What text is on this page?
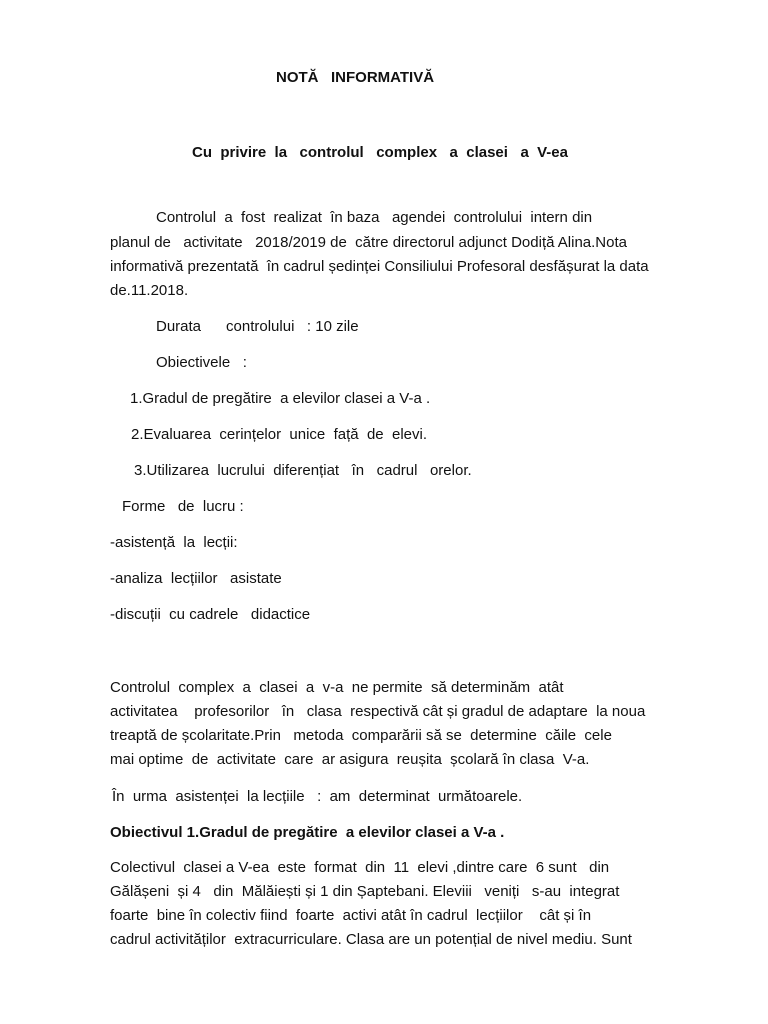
NOTĂ   INFORMATIVĂ
Cu  privire  la   controlul   complex   a  clasei   a  V-ea
Controlul  a  fost  realizat  în baza   agendei  controlului  intern din
planul de   activitate   2018/2019 de  către directorul adjunct Dodiță Alina.Nota
informativă prezentată  în cadrul ședinței Consiliului Profesoral desfășurat la data
de.11.2018.
Durata      controlului   : 10 zile
Obiectivele   :
1.Gradul de pregătire  a elevilor clasei a V-a .
2.Evaluarea  cerințelor  unice  față  de  elevi.
3.Utilizarea  lucrului  diferențiat   în   cadrul   orelor.
Forme   de  lucru :
-asistență  la  lecții:
-analiza  lecțiilor   asistate
-discuții  cu cadrele   didactice
Controlul  complex  a  clasei  a  v-a  ne permite  să determinăm  atât
activitatea    profesorilor   în   clasa  respectivă cât și gradul de adaptare  la noua
treaptă de școlaritate.Prin   metoda  comparării să se  determine  căile  cele
mai optime  de  activitate  care  ar asigura  reușita  școlară în clasa  V-a.
În  urma  asistenței  la lecțiile   :  am  determinat  următoarele.
Obiectivul 1.Gradul de pregătire  a elevilor clasei a V-a .
Colectivul  clasei a V-ea  este  format  din  11  elevi ,dintre care  6 sunt   din
Gălășeni  și 4   din  Mălăiești și 1 din Șaptebani. Eleviii   veniți   s-au  integrat
foarte  bine în colectiv fiind  foarte  activi atât în cadrul  lecțiilor    cât și în
cadrul activităților  extracurriculare. Clasa are un potențial de nivel mediu. Sunt
